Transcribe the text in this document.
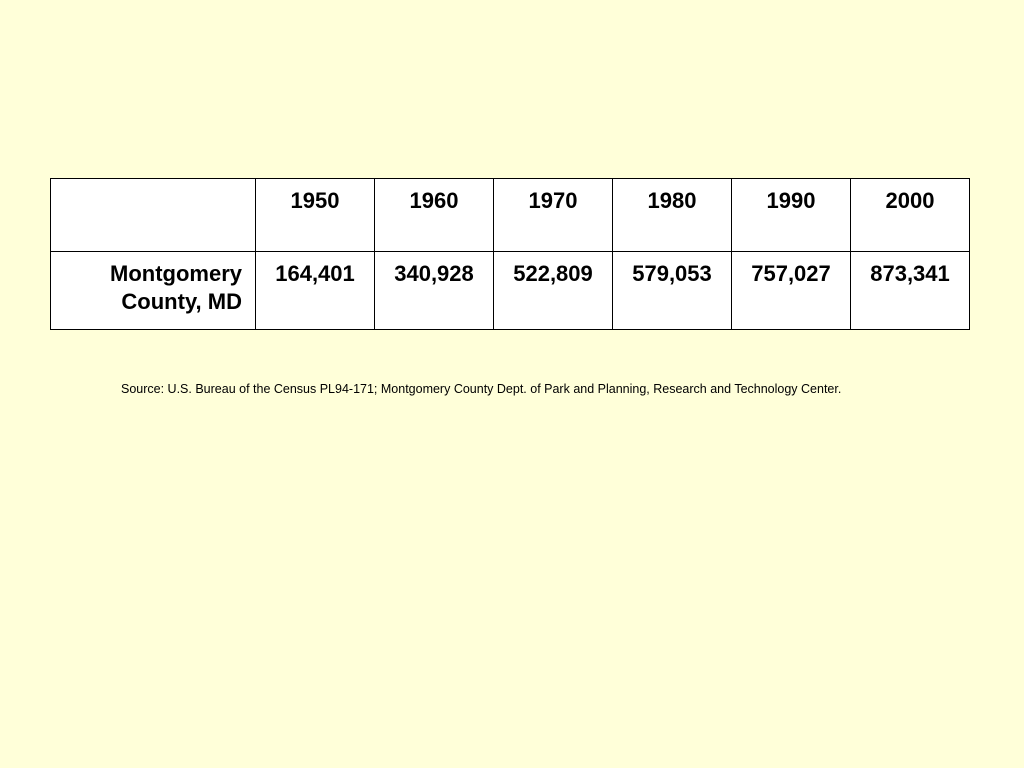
	1950	1960	1970	1980	1990	2000
Montgomery County, MD	164,401	340,928	522,809	579,053	757,027	873,341
Source: U.S. Bureau of the Census PL94-171; Montgomery County Dept. of Park and Planning, Research and Technology Center.
